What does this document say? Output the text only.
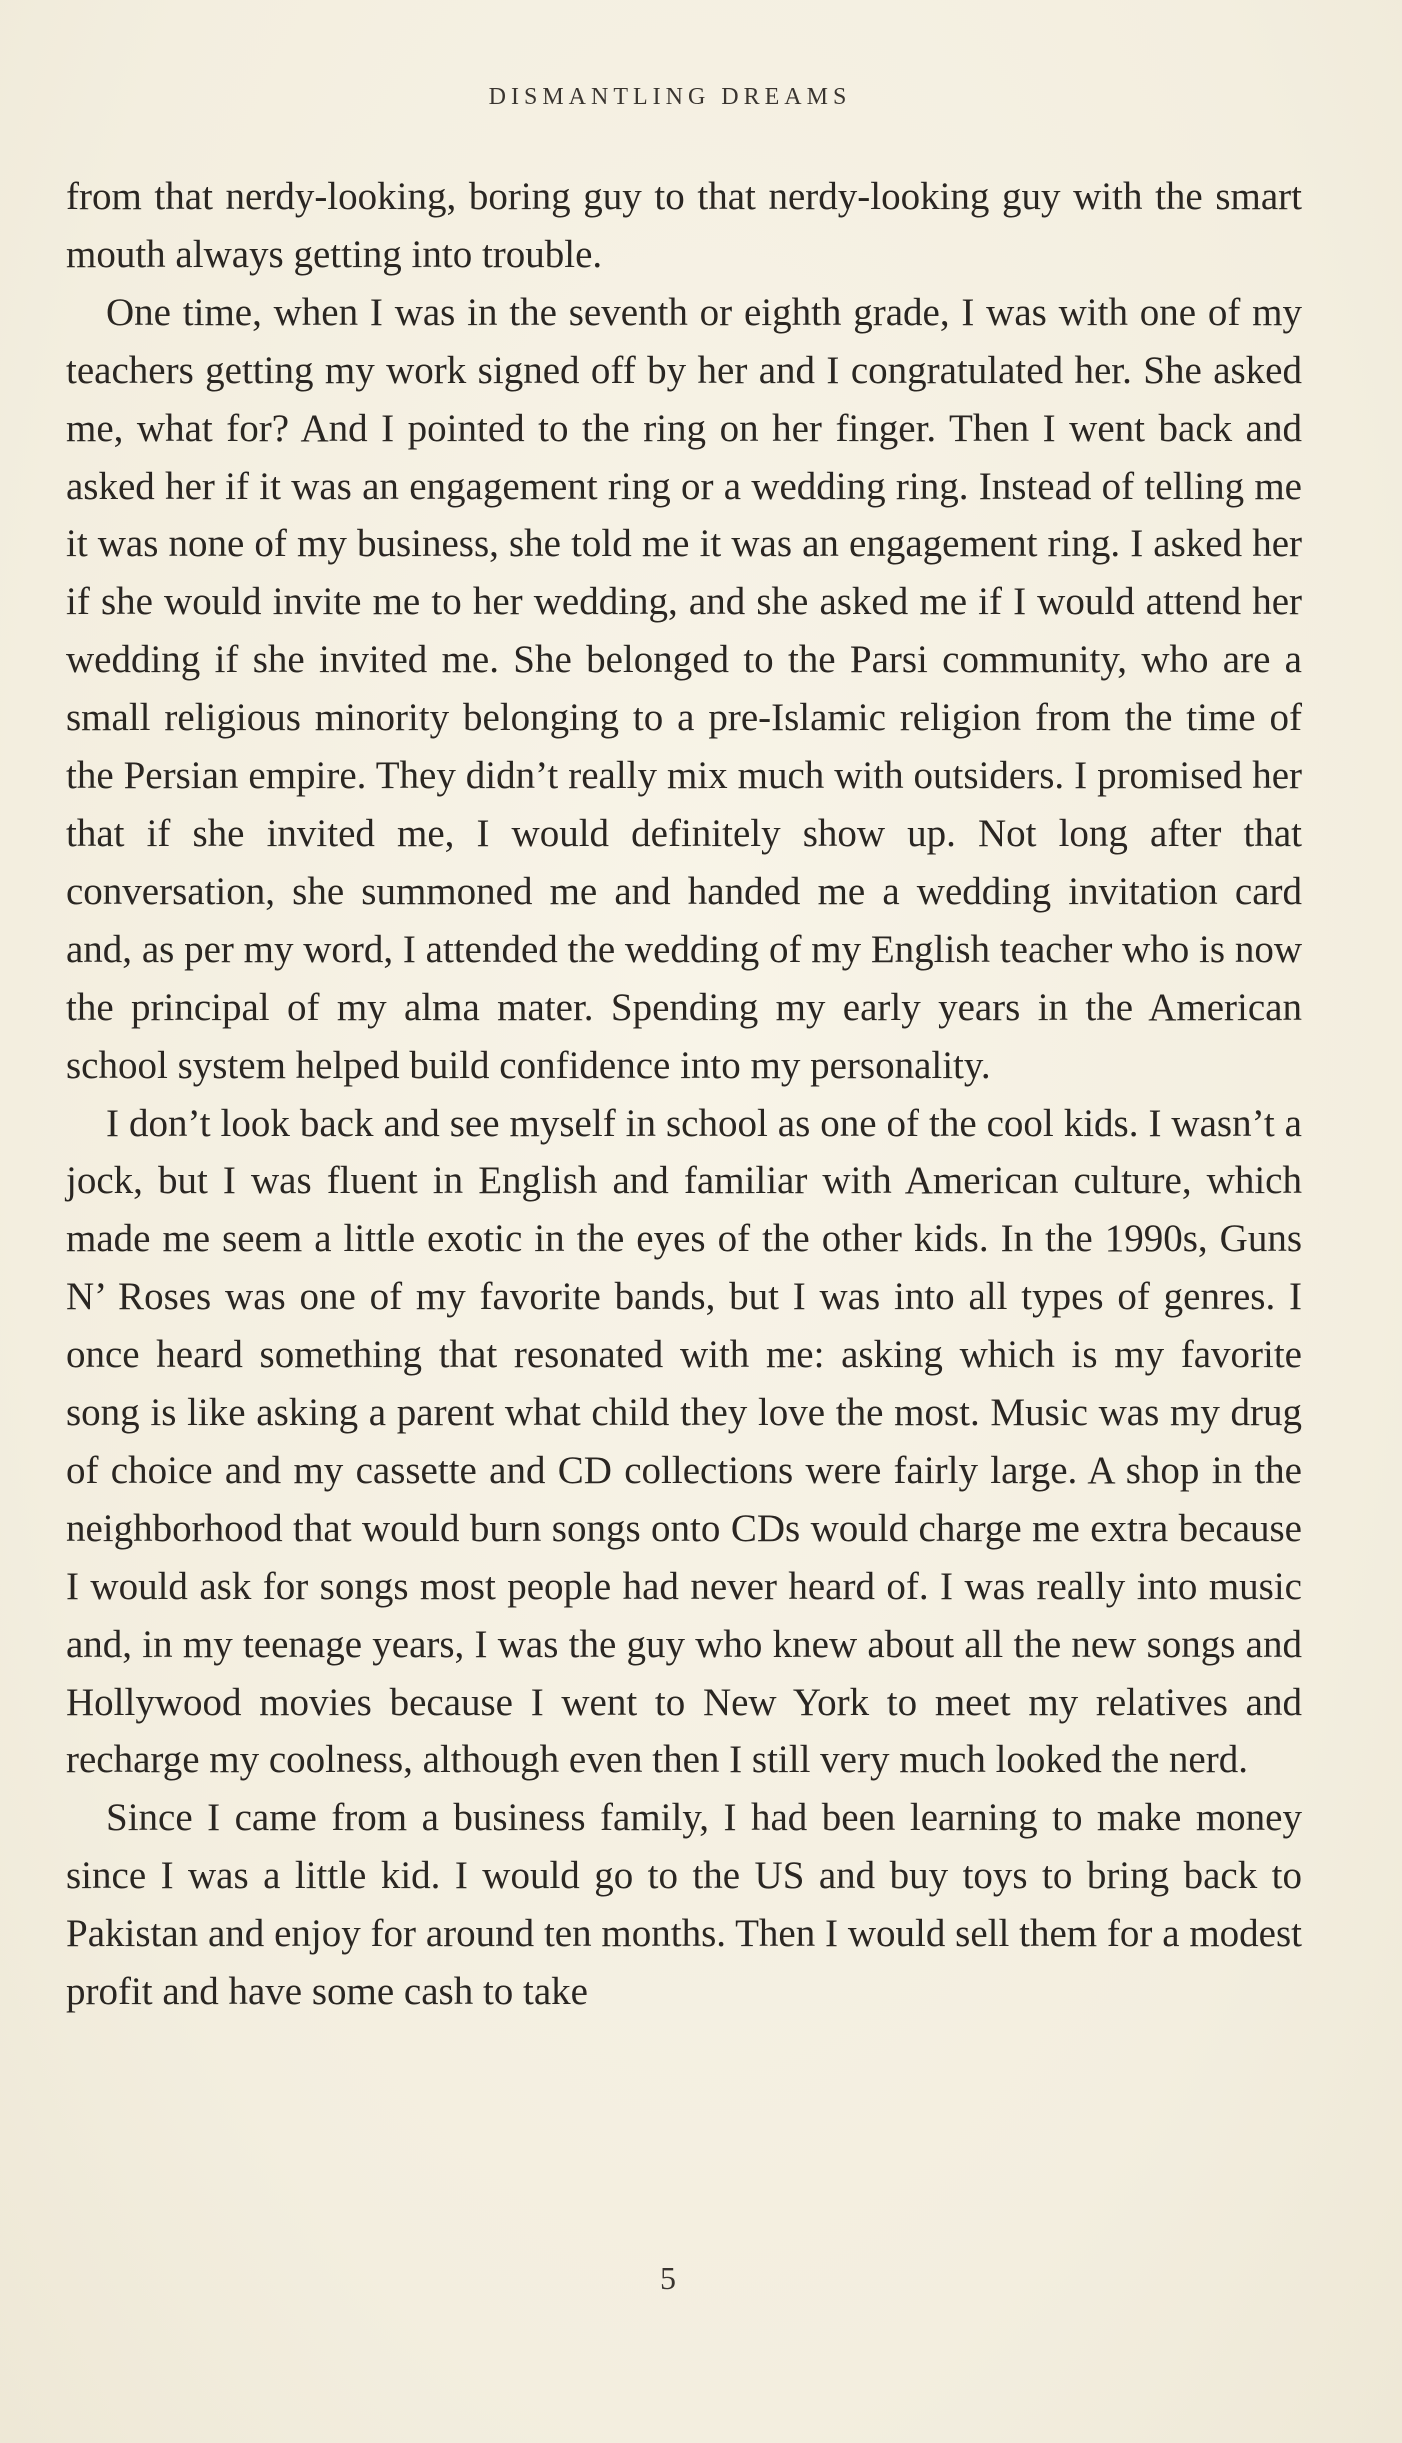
DISMANTLING DREAMS

from that nerdy-looking, boring guy to that nerdy-looking guy with the smart mouth always getting into trouble.

One time, when I was in the seventh or eighth grade, I was with one of my teachers getting my work signed off by her and I congratulated her. She asked me, what for? And I pointed to the ring on her finger. Then I went back and asked her if it was an engagement ring or a wedding ring. Instead of telling me it was none of my business, she told me it was an engagement ring. I asked her if she would invite me to her wedding, and she asked me if I would attend her wedding if she invited me. She belonged to the Parsi community, who are a small religious minority belonging to a pre-Islamic religion from the time of the Persian empire. They didn’t really mix much with outsiders. I promised her that if she invited me, I would definitely show up. Not long after that conversation, she summoned me and handed me a wedding invitation card and, as per my word, I attended the wedding of my English teacher who is now the principal of my alma mater. Spending my early years in the American school system helped build confidence into my personality.

I don’t look back and see myself in school as one of the cool kids. I wasn’t a jock, but I was fluent in English and familiar with American culture, which made me seem a little exotic in the eyes of the other kids. In the 1990s, Guns N’ Roses was one of my favorite bands, but I was into all types of genres. I once heard something that resonated with me: asking which is my favorite song is like asking a parent what child they love the most. Music was my drug of choice and my cassette and CD collections were fairly large. A shop in the neighborhood that would burn songs onto CDs would charge me extra because I would ask for songs most people had never heard of. I was really into music and, in my teenage years, I was the guy who knew about all the new songs and Hollywood movies because I went to New York to meet my relatives and recharge my coolness, although even then I still very much looked the nerd.

Since I came from a business family, I had been learning to make money since I was a little kid. I would go to the US and buy toys to bring back to Pakistan and enjoy for around ten months. Then I would sell them for a modest profit and have some cash to take

5
